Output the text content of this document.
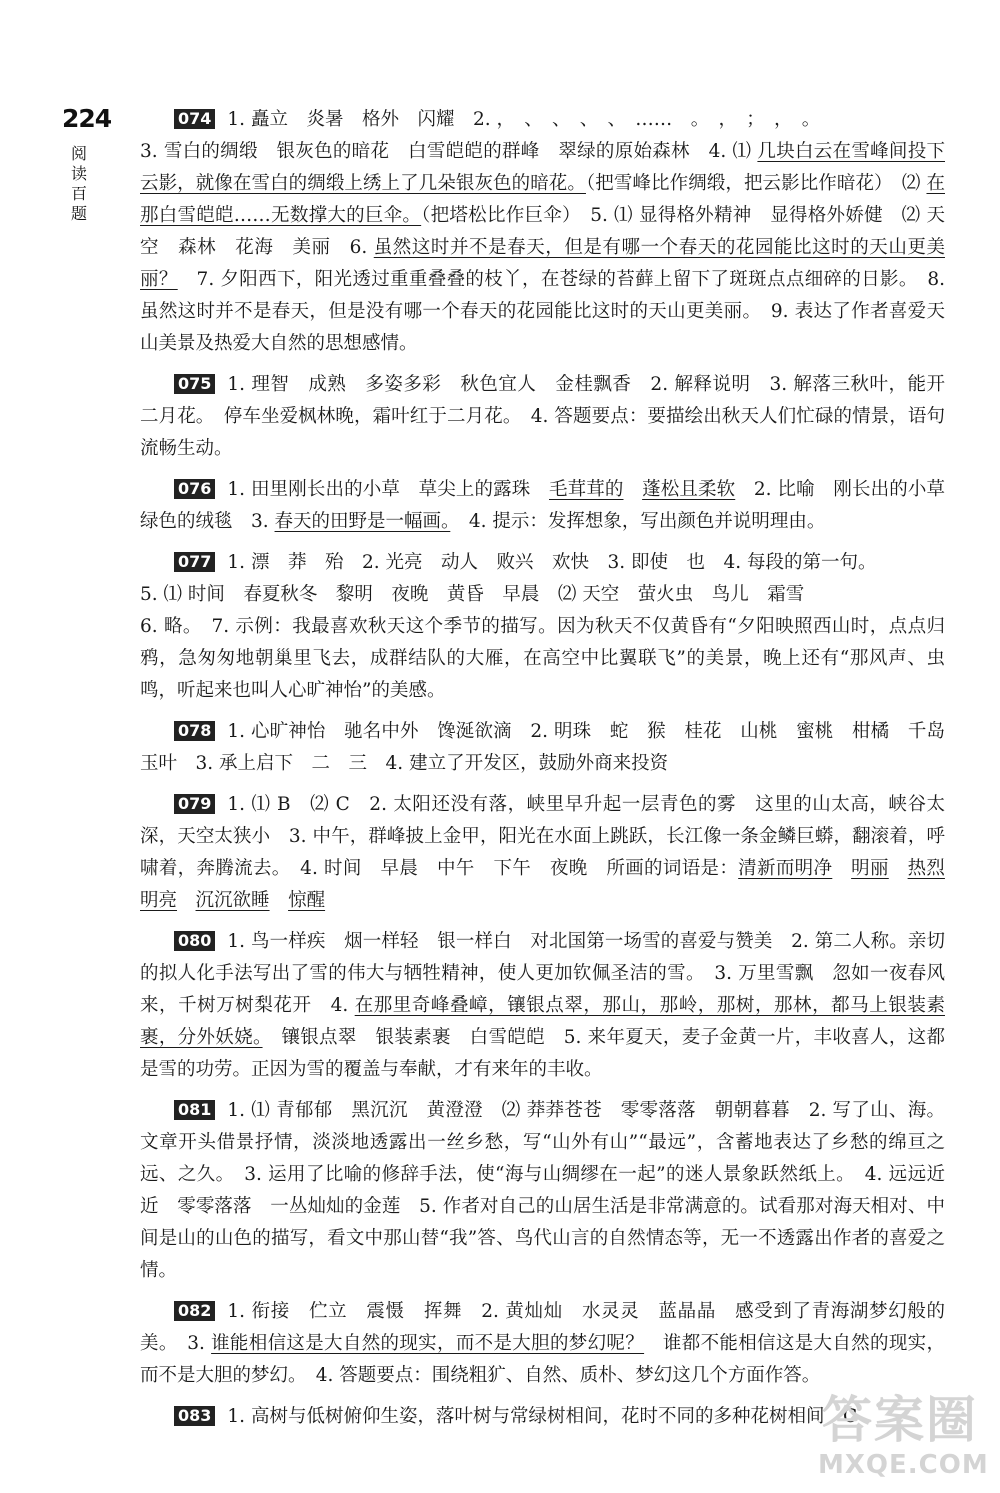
224
阅
读
百
题
074 1. 矗立　炎暑　格外　闪耀　2. ，　、　、　、　、　……　。　，　；　，　。
3. 雪白的绸缎　银灰色的暗花　白雪皑皑的群峰　翠绿的原始森林　4. ⑴ 几块白云在雪峰间投下云影，就像在雪白的绸缎上绣上了几朵银灰色的暗花。（把雪峰比作绸缎，把云影比作暗花）　⑵ 在那白雪皑皑……无数撑大的巨伞。（把塔松比作巨伞）　5. ⑴ 显得格外精神　显得格外娇健　⑵ 天空　森林　花海　美丽　6. 虽然这时并不是春天，但是有哪一个春天的花园能比这时的天山更美丽？　7. 夕阳西下，阳光透过重重叠叠的枝丫，在苍绿的苔藓上留下了斑斑点点细碎的日影。　8. 虽然这时并不是春天，但是没有哪一个春天的花园能比这时的天山更美丽。　9. 表达了作者喜爱天山美景及热爱大自然的思想感情。
075 1. 理智　成熟　多姿多彩　秋色宜人　金桂飘香　2. 解释说明　3. 解落三秋叶，能开二月花。　停车坐爱枫林晚，霜叶红于二月花。　4. 答题要点：要描绘出秋天人们忙碌的情景，语句流畅生动。
076 1. 田里刚长出的小草　草尖上的露珠　毛茸茸的　 蓬松且柔软　2. 比喻　刚长出的小草　绿色的绒毯　3. 春天的田野是一幅画。　4. 提示：发挥想象，写出颜色并说明理由。
077 1. 漂　莽　殆　2. 光亮　动人　败兴　欢快　3. 即使　也　4. 每段的第一句。
5. ⑴ 时间　春夏秋冬　黎明　夜晚　黄昏　早晨　⑵ 天空　萤火虫　鸟儿　霜雪
6. 略。　7. 示例：我最喜欢秋天这个季节的描写。因为秋天不仅黄昏有“夕阳映照西山时，点点归鸦，急匆匆地朝巢里飞去，成群结队的大雁，在高空中比翼联飞”的美景，晚上还有“那风声、虫鸣，听起来也叫人心旷神怡”的美感。
078 1. 心旷神怡　驰名中外　馋涎欲滴　2. 明珠　蛇　猴　桂花　山桃　蜜桃　柑橘　千岛玉叶　3. 承上启下　二　三　4. 建立了开发区，鼓励外商来投资
079 1. ⑴ B　⑵ C　2. 太阳还没有落，峡里早升起一层青色的雾　这里的山太高，峡谷太深，天空太狭小　3. 中午，群峰披上金甲，阳光在水面上跳跃，长江像一条金鳞巨蟒，翻滚着，呼啸着，奔腾流去。　4. 时间　早晨　中午　下午　夜晚　所画的词语是：清新而明净　 明丽　 热烈　明亮　 沉沉欲睡　 惊醒
080 1. 鸟一样疾　烟一样轻　银一样白　对北国第一场雪的喜爱与赞美　2. 第二人称。亲切的拟人化手法写出了雪的伟大与牺牲精神，使人更加钦佩圣洁的雪。　3. 万里雪飘　忽如一夜春风来，千树万树梨花开　4. 在那里奇峰叠嶂，镶银点翠，那山，那岭，那树，那林，都马上银装素裹，分外妖娆。　镶银点翠　银装素裹　白雪皑皑　5. 来年夏天，麦子金黄一片，丰收喜人，这都是雪的功劳。正因为雪的覆盖与奉献，才有来年的丰收。
081 1. ⑴ 青郁郁　黑沉沉　黄澄澄　⑵ 莽莽苍苍　零零落落　朝朝暮暮　2. 写了山、海。文章开头借景抒情，淡淡地透露出一丝乡愁，写“山外有山”“最远”，含蓄地表达了乡愁的绵亘之远、之久。　3. 运用了比喻的修辞手法，使“海与山绸缪在一起”的迷人景象跃然纸上。　4. 远远近近　零零落落　一丛灿灿的金莲　5. 作者对自己的山居生活是非常满意的。试看那对海天相对、中间是山的山色的描写，看文中那山替“我”答、鸟代山言的自然情态等，无一不透露出作者的喜爱之情。
082 1. 衔接　伫立　震慑　挥舞　2. 黄灿灿　水灵灵　蓝晶晶　感受到了青海湖梦幻般的美。　3. 谁能相信这是大自然的现实，而不是大胆的梦幻呢？　谁都不能相信这是大自然的现实，而不是大胆的梦幻。　4. 答题要点：围绕粗犷、自然、质朴、梦幻这几个方面作答。
083 1. 高树与低树俯仰生姿，落叶树与常绿树相间，花时不同的多种花树相间　C
答案圈
MXQE.COM
